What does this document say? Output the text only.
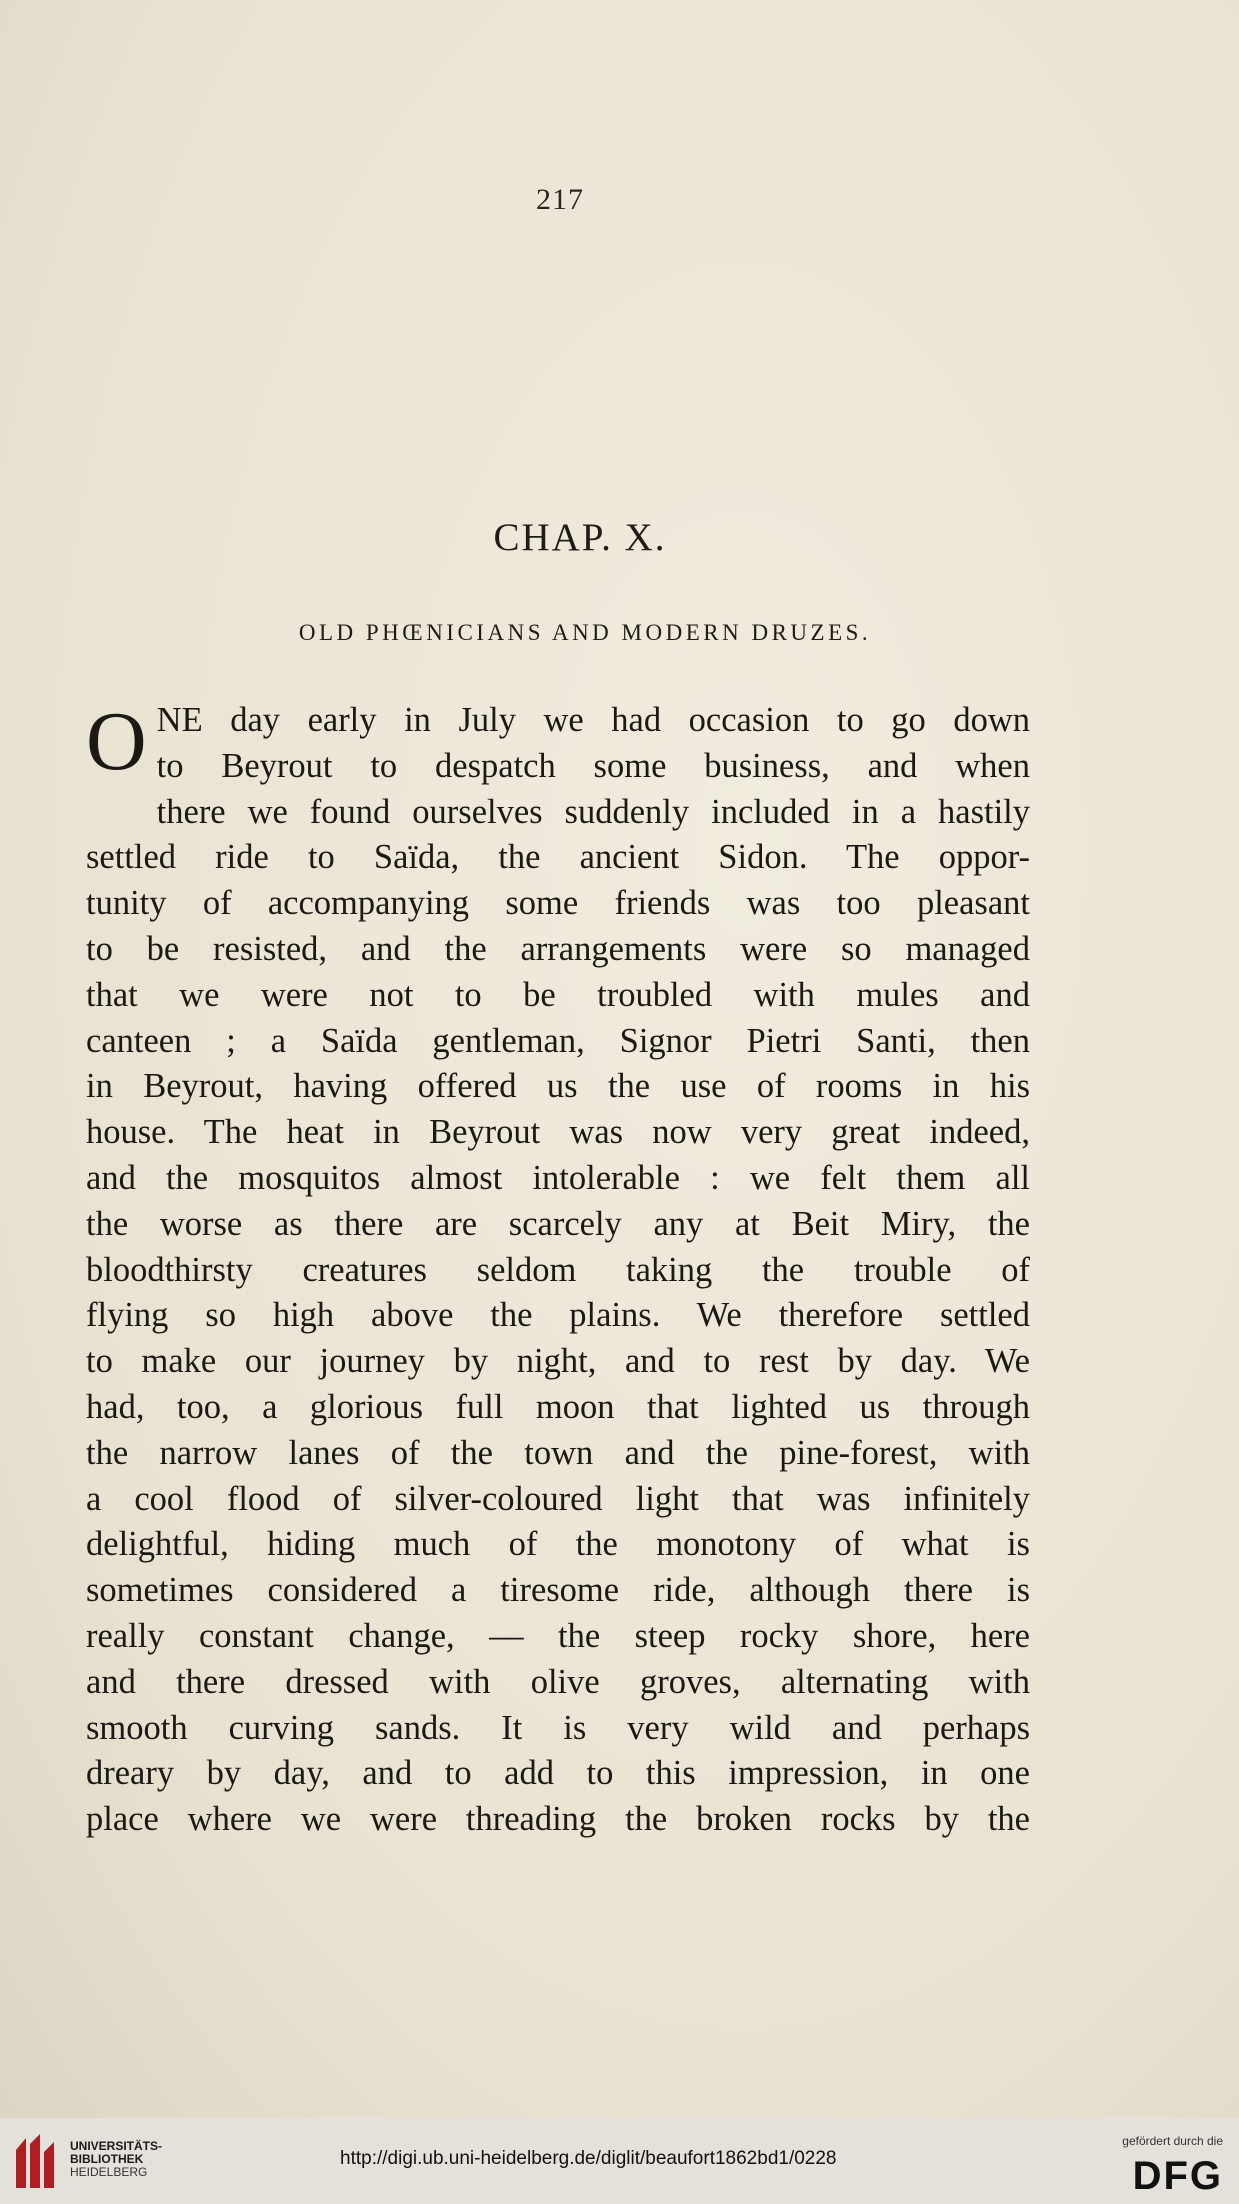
217
CHAP. X.
OLD PHŒNICIANS AND MODERN DRUZES.
O NE day early in July we had occasion to go down
to Beyrout to despatch some business, and when
there we found ourselves suddenly included in a hastily
settled ride to Saïda, the ancient Sidon. The oppor-
tunity of accompanying some friends was too pleasant
to be resisted, and the arrangements were so managed
that we were not to be troubled with mules and
canteen ; a Saïda gentleman, Signor Pietri Santi, then
in Beyrout, having offered us the use of rooms in his
house. The heat in Beyrout was now very great indeed,
and the mosquitos almost intolerable : we felt them all
the worse as there are scarcely any at Beit Miry, the
bloodthirsty creatures seldom taking the trouble of
flying so high above the plains. We therefore settled
to make our journey by night, and to rest by day. We
had, too, a glorious full moon that lighted us through
the narrow lanes of the town and the pine-forest, with
a cool flood of silver-coloured light that was infinitely
delightful, hiding much of the monotony of what is
sometimes considered a tiresome ride, although there is
really constant change, — the steep rocky shore, here
and there dressed with olive groves, alternating with
smooth curving sands. It is very wild and perhaps
dreary by day, and to add to this impression, in one
place where we were threading the broken rocks by the
UNIVERSITÄTS-
BIBLIOTHEK
HEIDELBERG
http://digi.ub.uni-heidelberg.de/diglit/beaufort1862bd1/0228
gefördert durch die
DFG
